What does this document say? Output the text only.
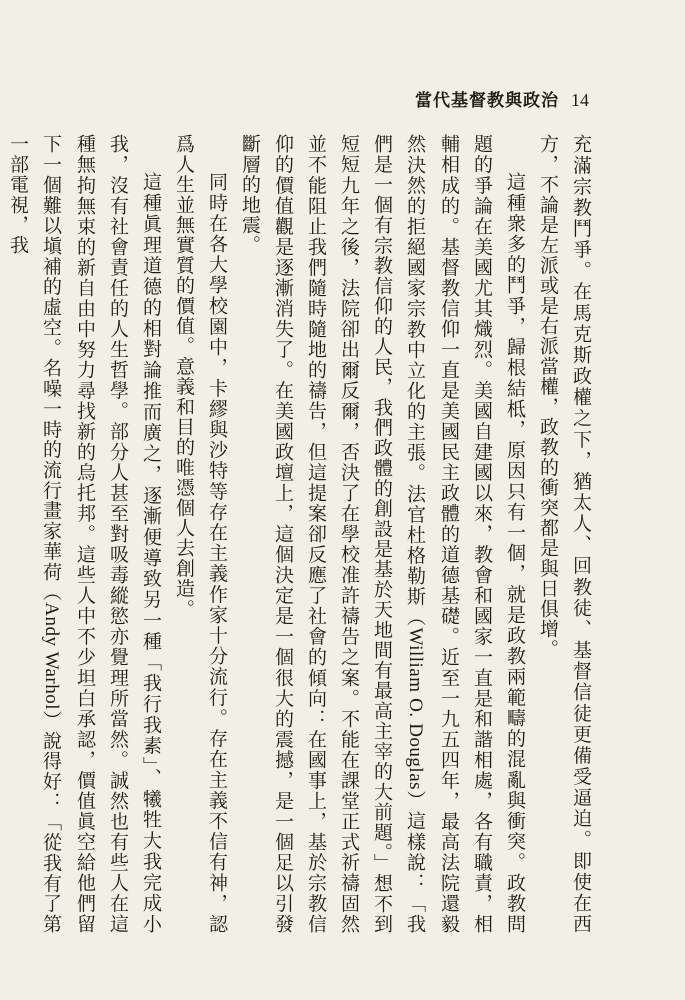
當代基督教與政治 14

充滿宗教鬥爭。在馬克斯政權之下，猶太人、回教徒、基督信徒更備受逼迫。即使在西方，不論是左派或是右派當權，政教的衝突都是與日俱增。

這種衆多的鬥爭，歸根結柢，原因只有一個，就是政教兩範疇的混亂與衝突。政教問題的爭論在美國尤其熾烈。美國自建國以來，教會和國家一直是和諧相處，各有職責，相輔相成的。基督教信仰一直是美國民主政體的道德基礎。近至一九五四年，最高法院還毅然決然的拒絕國家宗教中立化的主張。法官杜格勒斯（William O. Douglas）這樣說：「我們是一個有宗教信仰的人民，我們政體的創設是基於天地間有最高主宰的大前題。」想不到短短九年之後，法院卻出爾反爾，否決了在學校准許禱告之案。不能在課堂正式祈禱固然並不能阻止我們隨時隨地的禱告，但這提案卻反應了社會的傾向：在國事上，基於宗教信仰的價值觀是逐漸消失了。在美國政壇上，這個決定是一個很大的震撼，是一個足以引發斷層的地震。

同時在各大學校園中，卡繆與沙特等存在主義作家十分流行。存在主義不信有神，認爲人生並無實質的價值。意義和目的唯憑個人去創造。

這種眞理道德的相對論推而廣之，逐漸便導致另一種「我行我素」、犧牲大我完成小我，沒有社會責任的人生哲學。部分人甚至對吸毒縱慾亦覺理所當然。誠然也有些人在這種無拘無束的新自由中努力尋找新的烏托邦。這些人中不少坦白承認，價值眞空給他們留下一個難以塡補的虛空。名噪一時的流行畫家華荷（Andy Warhol）說得好：「從我有了第一部電視，我
